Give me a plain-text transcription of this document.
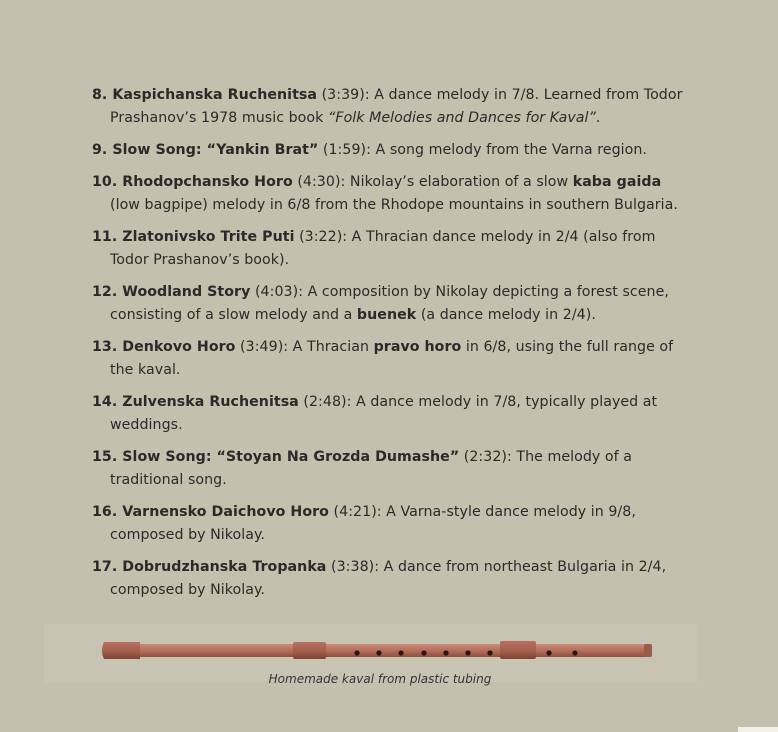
8. Kaspichanska Ruchenitsa (3:39): A dance melody in 7/8. Learned from Todor Prashanov’s 1978 music book “Folk Melodies and Dances for Kaval”.
9. Slow Song: “Yankin Brat” (1:59): A song melody from the Varna region.
10. Rhodopchansko Horo (4:30): Nikolay’s elaboration of a slow kaba gaida (low bagpipe) melody in 6/8 from the Rhodope mountains in southern Bulgaria.
11. Zlatonivsko Trite Puti (3:22): A Thracian dance melody in 2/4 (also from Todor Prashanov’s book).
12. Woodland Story (4:03): A composition by Nikolay depicting a forest scene, consisting of a slow melody and a buenek (a dance melody in 2/4).
13. Denkovo Horo (3:49): A Thracian pravo horo in 6/8, using the full range of the kaval.
14. Zulvenska Ruchenitsa (2:48): A dance melody in 7/8, typically played at weddings.
15. Slow Song: “Stoyan Na Grozda Dumashe” (2:32): The melody of a traditional song.
16. Varnensko Daichovo Horo (4:21): A Varna-style dance melody in 9/8, composed by Nikolay.
17. Dobrudzhanska Tropanka (3:38): A dance from northeast Bulgaria in 2/4, composed by Nikolay.
Homemade kaval from plastic tubing
